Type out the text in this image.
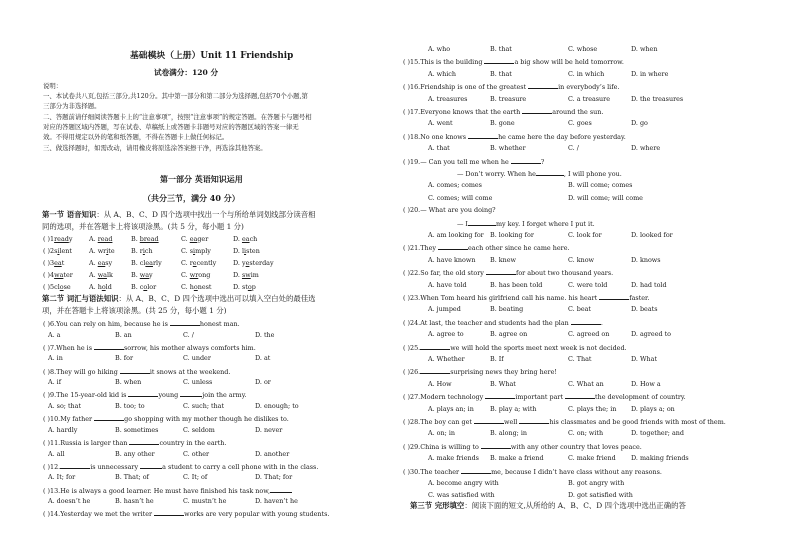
基础模块（上册）Unit 11 Friendship
试卷满分：120 分
说明：
一、本试卷共八页,包括三部分,共120分。其中第一部分和第二部分为选择题,包括70个小题,第
三部分为非选择题。
二、答题前请仔细阅读答题卡上的“注意事项”，按照“注意事项”的规定答题。在答题卡与题号相
对应的答题区域内答题，写在试卷、草稿纸上或答题卡非题号对应的答题区域的答案一律无
效。不得用规定以外的笔和纸答题，不得在答题卡上做任何标记。
三、做选择题时，如需改动，请用橡皮将原选涂答案擦干净，再选涂其他答案。
第一部分 英语知识运用
（共分三节，满分 40 分）
第一节 语音知识：从 A、B、C、D 四个选项中找出一个与所给单词划线部分读音相
同的选项，并在答题卡上将该项涂黑。(共 5 分，每小题 1 分)
( )1ready	A. read	B. bread	C. eager	D. each
( )2silent	A. write	B. rich	C. simply	D. listen
( )3eat	A. easy	B. clearly	C. recently	D. yesterday
( )4water	A. walk	B. way	C. wrong	D. swim
( )5close	A. hold	B. color	C. honest	D. stop
第二节 词汇与语法知识：从 A、B、C、D 四个选项中选出可以填入空白处的最佳选
项，并在答题卡上将该项涂黑。(共 25 分，每小题 1 分)
( )6.You can rely on him, because he is	honest man.
A. a	B. an	C. /	D. the
( )7.When he is	sorrow, his mother always comforts him.
A. in	B. for	C. under	D. at
( )8.They will go hiking	it snows at the weekend.
A. if	B. when	C. unless	D. or
( )9.The 15-year-old kid is	young	join the army.
A. so; that	B. too; to	C. such; that	D. enough; to
( )10.My father	go shopping with my mother though he dislikes to.
A. hardly	B. sometimes	C. seldom	D. never
( )11.Russia is larger than	country in the earth.
A. all	B. any other	C. other	D. another
( )12.	is unnecessary	a student to carry a cell phone with in the class.
A. It; for	B. That; of	C. It; of	D. That; for
( )13.He is always a good learner. He must have finished his task now,
A. doesn’t he	B. hasn’t he	C. mustn’t he	D. haven’t he
( )14.Yesterday we met the writer	works are very popular with young students.
A. who	B. that	C. whose	D. when
( )15.This is the building	a big show will be held tomorrow.
A. which	B. that	C. in which	D. in where
( )16.Friendship is one of the greatest	in everybody’s life.
A. treasures	B. treasure	C. a treasure	D. the treasures
( )17.Everyone knows that the earth	around the sun.
A. went	B. gone	C. goes	D. go
( )18.No one knows	he came here the day before yesterday.
A. that	B. whether	C. /	D. where
( )19.— Can you tell me when he	?
— Don’t worry. When he	, I will phone you.
A. comes; comes	B. will come; comes
C. comes; will come	D. will come; will come
( )20.— What are you doing?
— I	my key. I forget where I put it.
A. am looking for B. looking for	C. look for	D. looked for
( )21.They	each other since he came here.
A. have known B. knew	C. know	D. knows
( )22.So far, the old story	for about two thousand years.
A. have told	B. has been told	C. were told	D. had told
( )23.When Tom heard his girlfriend call his name. his heart	faster.
A. jumped	B. beating	C. beat	D. beats
( )24.At last, the teacher and students had the plan	.
A. agree to	B. agree on	C. agreed on	D. agreed to
( )25.	we will hold the sports meet next week is not decided.
A. Whether	B. If	C. That	D. What
( )26.	surprising news they bring here!
A. How	B. What	C. What an	D. How a
( )27.Modern technology	important part	the development of country.
A. plays an; in	B. play a; with	C. plays the; in D. plays a; on
( )28.The boy can get	well	his classmates and be good friends with most of them.
A. on; in	B. along; in	C. on; with	D. together; and
( )29.China is willing to	with any other country that loves peace.
A. make friends B. make a friend	C. make friend D. making friends
( )30.The teacher	me, because I didn’t have class without any reasons.
A. become angry with	B. got angry with
C. was satisfied with	D. got satisfied with
第三节 完形填空：阅读下面的短文,从所给的 A、B、C、D 四个选项中选出正确的答
